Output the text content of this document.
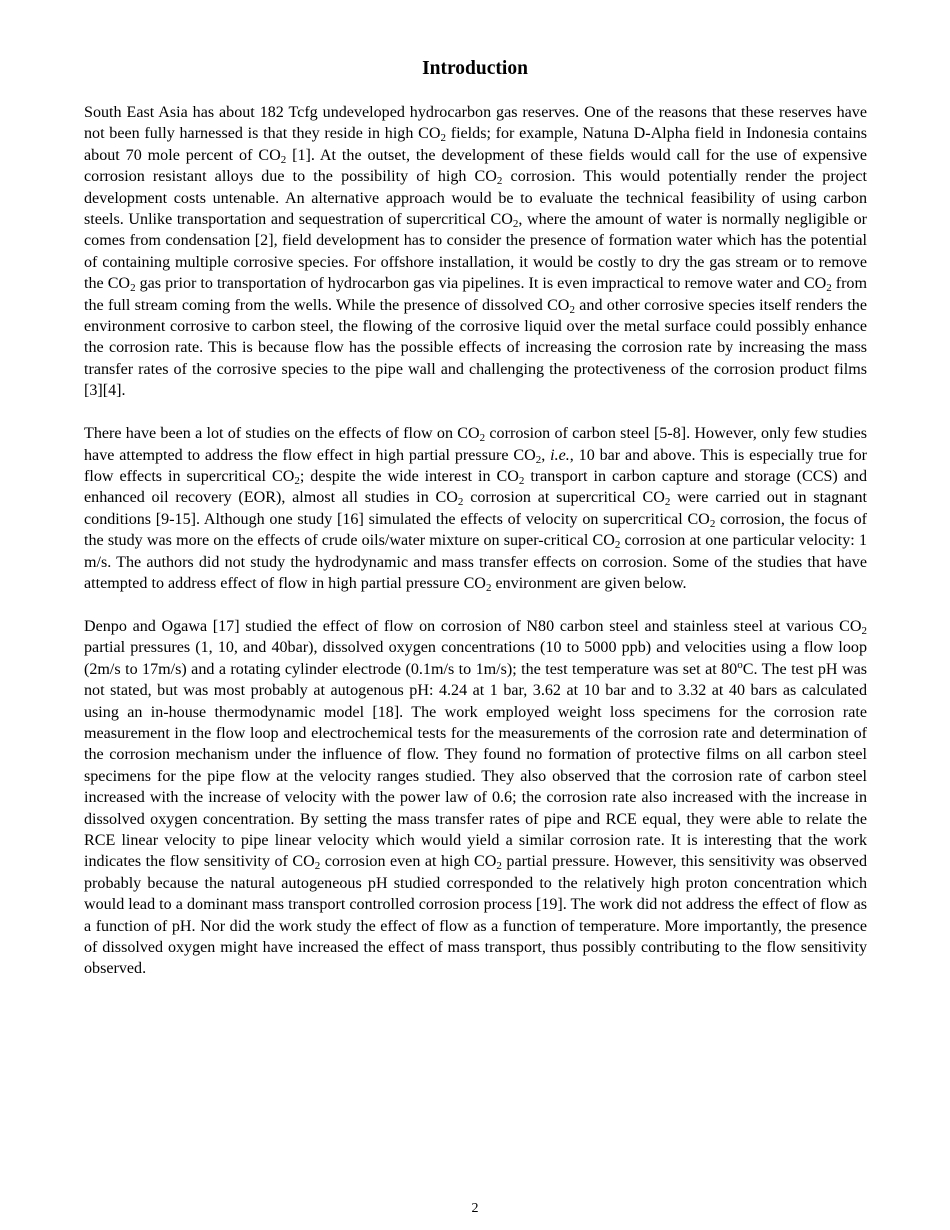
Introduction

South East Asia has about 182 Tcfg undeveloped hydrocarbon gas reserves. One of the reasons that these reserves have not been fully harnessed is that they reside in high $CO_2$ fields; for example, Natuna D-Alpha field in Indonesia contains about 70 mole percent of $CO_2$ [1]. At the outset, the development of these fields would call for the use of expensive corrosion resistant alloys due to the possibility of high $CO_2$ corrosion. This would potentially render the project development costs untenable. An alternative approach would be to evaluate the technical feasibility of using carbon steels. Unlike transportation and sequestration of supercritical $CO_2$, where the amount of water is normally negligible or comes from condensation [2], field development has to consider the presence of formation water which has the potential of containing multiple corrosive species. For offshore installation, it would be costly to dry the gas stream or to remove the $CO_2$ gas prior to transportation of hydrocarbon gas via pipelines. It is even impractical to remove water and $CO_2$ from the full stream coming from the wells. While the presence of dissolved $CO_2$ and other corrosive species itself renders the environment corrosive to carbon steel, the flowing of the corrosive liquid over the metal surface could possibly enhance the corrosion rate. This is because flow has the possible effects of increasing the corrosion rate by increasing the mass transfer rates of the corrosive species to the pipe wall and challenging the protectiveness of the corrosion product films [3][4].

There have been a lot of studies on the effects of flow on $CO_2$ corrosion of carbon steel [5-8]. However, only few studies have attempted to address the flow effect in high partial pressure $CO_2$, i.e., 10 bar and above. This is especially true for flow effects in supercritical $CO_2$; despite the wide interest in $CO_2$ transport in carbon capture and storage (CCS) and enhanced oil recovery (EOR), almost all studies in $CO_2$ corrosion at supercritical $CO_2$ were carried out in stagnant conditions [9-15]. Although one study [16] simulated the effects of velocity on supercritical $CO_2$ corrosion, the focus of the study was more on the effects of crude oils/water mixture on super-critical $CO_2$ corrosion at one particular velocity: 1 m/s. The authors did not study the hydrodynamic and mass transfer effects on corrosion. Some of the studies that have attempted to address effect of flow in high partial pressure $CO_2$ environment are given below.

Denpo and Ogawa [17] studied the effect of flow on corrosion of N80 carbon steel and stainless steel at various $CO_2$ partial pressures (1, 10, and 40bar), dissolved oxygen concentrations (10 to 5000 ppb) and velocities using a flow loop (2m/s to 17m/s) and a rotating cylinder electrode (0.1m/s to 1m/s); the test temperature was set at 80$^o$C. The test pH was not stated, but was most probably at autogenous pH: 4.24 at 1 bar, 3.62 at 10 bar and to 3.32 at 40 bars as calculated using an in-house thermodynamic model [18]. The work employed weight loss specimens for the corrosion rate measurement in the flow loop and electrochemical tests for the measurements of the corrosion rate and determination of the corrosion mechanism under the influence of flow. They found no formation of protective films on all carbon steel specimens for the pipe flow at the velocity ranges studied. They also observed that the corrosion rate of carbon steel increased with the increase of velocity with the power law of 0.6; the corrosion rate also increased with the increase in dissolved oxygen concentration. By setting the mass transfer rates of pipe and RCE equal, they were able to relate the RCE linear velocity to pipe linear velocity which would yield a similar corrosion rate. It is interesting that the work indicates the flow sensitivity of $CO_2$ corrosion even at high $CO_2$ partial pressure. However, this sensitivity was observed probably because the natural autogeneous pH studied corresponded to the relatively high proton concentration which would lead to a dominant mass transport controlled corrosion process [19]. The work did not address the effect of flow as a function of pH. Nor did the work study the effect of flow as a function of temperature. More importantly, the presence of dissolved oxygen might have increased the effect of mass transport, thus possibly contributing to the flow sensitivity observed.

2
